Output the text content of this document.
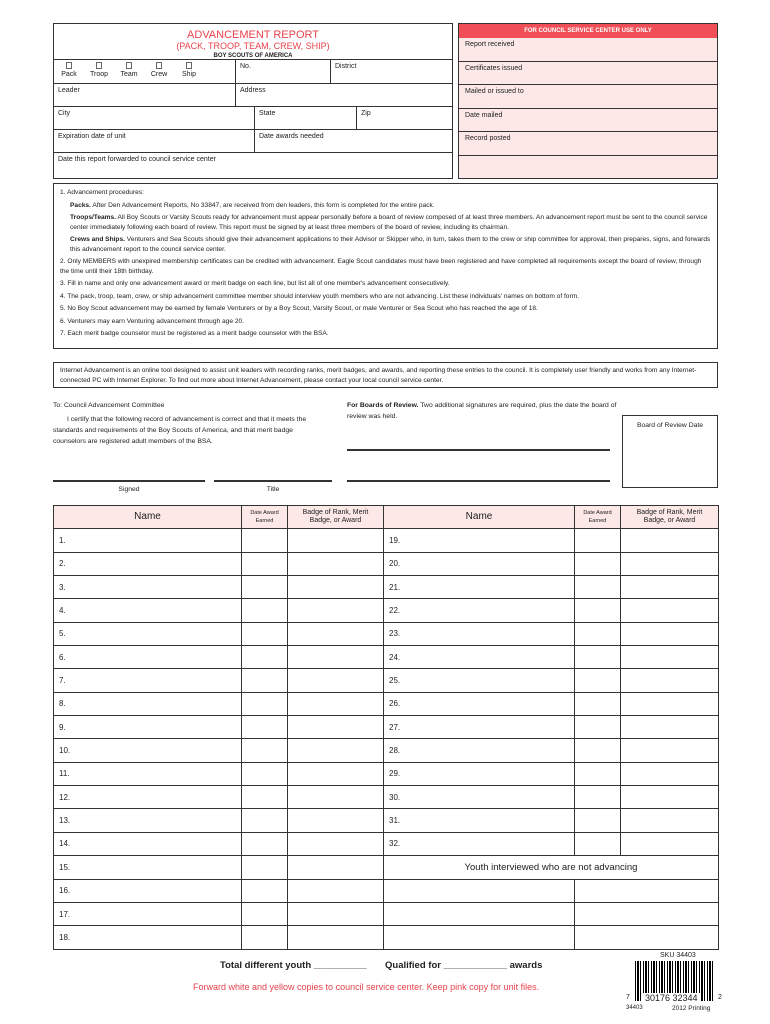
ADVANCEMENT REPORT
(PACK, TROOP, TEAM, CREW, SHIP)
BOY SCOUTS OF AMERICA
Pack Troop Team Crew Ship
No.	District
Leader	Address
City	State	Zip
Expiration date of unit	Date awards needed
Date this report forwarded to council service center
FOR COUNCIL SERVICE CENTER USE ONLY
Report received
Certificates issued
Mailed or issued to
Date mailed
Record posted

1. Advancement procedures:

Packs. After Den Advancement Reports, No 33847, are received from den leaders, this form is completed for the entire pack.

Troops/Teams. All Boy Scouts or Varsity Scouts ready for advancement must appear personally before a board of review composed of at least three members. An advancement report must be sent to the council service center immediately following each board of review. This report must be signed by at least three members of the board of review, including its chairman.

Crews and Ships. Venturers and Sea Scouts should give their advancement applications to their Advisor or Skipper who, in turn, takes them to the crew or ship committee for approval, then prepares, signs, and forwards this advancement report to the council service center.

2. Only MEMBERS with unexpired membership certificates can be credited with advancement. Eagle Scout candidates must have been registered and have completed all requirements except the board of review, through the time until their 18th birthday.

3. Fill in name and only one advancement award or merit badge on each line, but list all of one member's advancement consecutively.

4. The pack, troop, team, crew, or ship advancement committee member should interview youth members who are not advancing. List these individuals' names on bottom of form.

5. No Boy Scout advancement may be earned by female Venturers or by a Boy Scout, Varsity Scout, or male Venturer or Sea Scout who has reached the age of 18.

6. Venturers may earn Venturing advancement through age 20.

7. Each merit badge counselor must be registered as a merit badge counselor with the BSA.

Internet Advancement is an online tool designed to assist unit leaders with recording ranks, merit badges, and awards, and reporting these entries to the council. It is completely user friendly and works from any Internet-connected PC with Internet Explorer. To find out more about Internet Advancement, please contact your local council service center.
To: Council Advancement Committee
I certify that the following record of advancement is correct and that it meets the standards and requirements of the Boy Scouts of America, and that merit badge counselors are registered adult members of the BSA.
For Boards of Review. Two additional signatures are required, plus the date the board of review was held.
Signed	Title
Board of Review Date
Name	Date Award Earned	Badge of Rank, Merit Badge, or Award	Name	Date Award Earned	Badge of Rank, Merit Badge, or Award
1.			19.		
2.			20.		
3.			21.		
4.			22.		
5.			23.		
6.			24.		
7.			25.		
8.			26.		
9.			27.		
10.			28.		
11.			29.		
12.			30.		
13.			31.		
14.			32.		
15.			Youth interviewed who are not advancing		
16.					
17.					
18.					
Total different youth __________ Qualified for ____________ awards
Forward white and yellow copies to council service center. Keep pink copy for unit files.
SKU 34403
30176 32344
7	2
34403	2012 Printing
